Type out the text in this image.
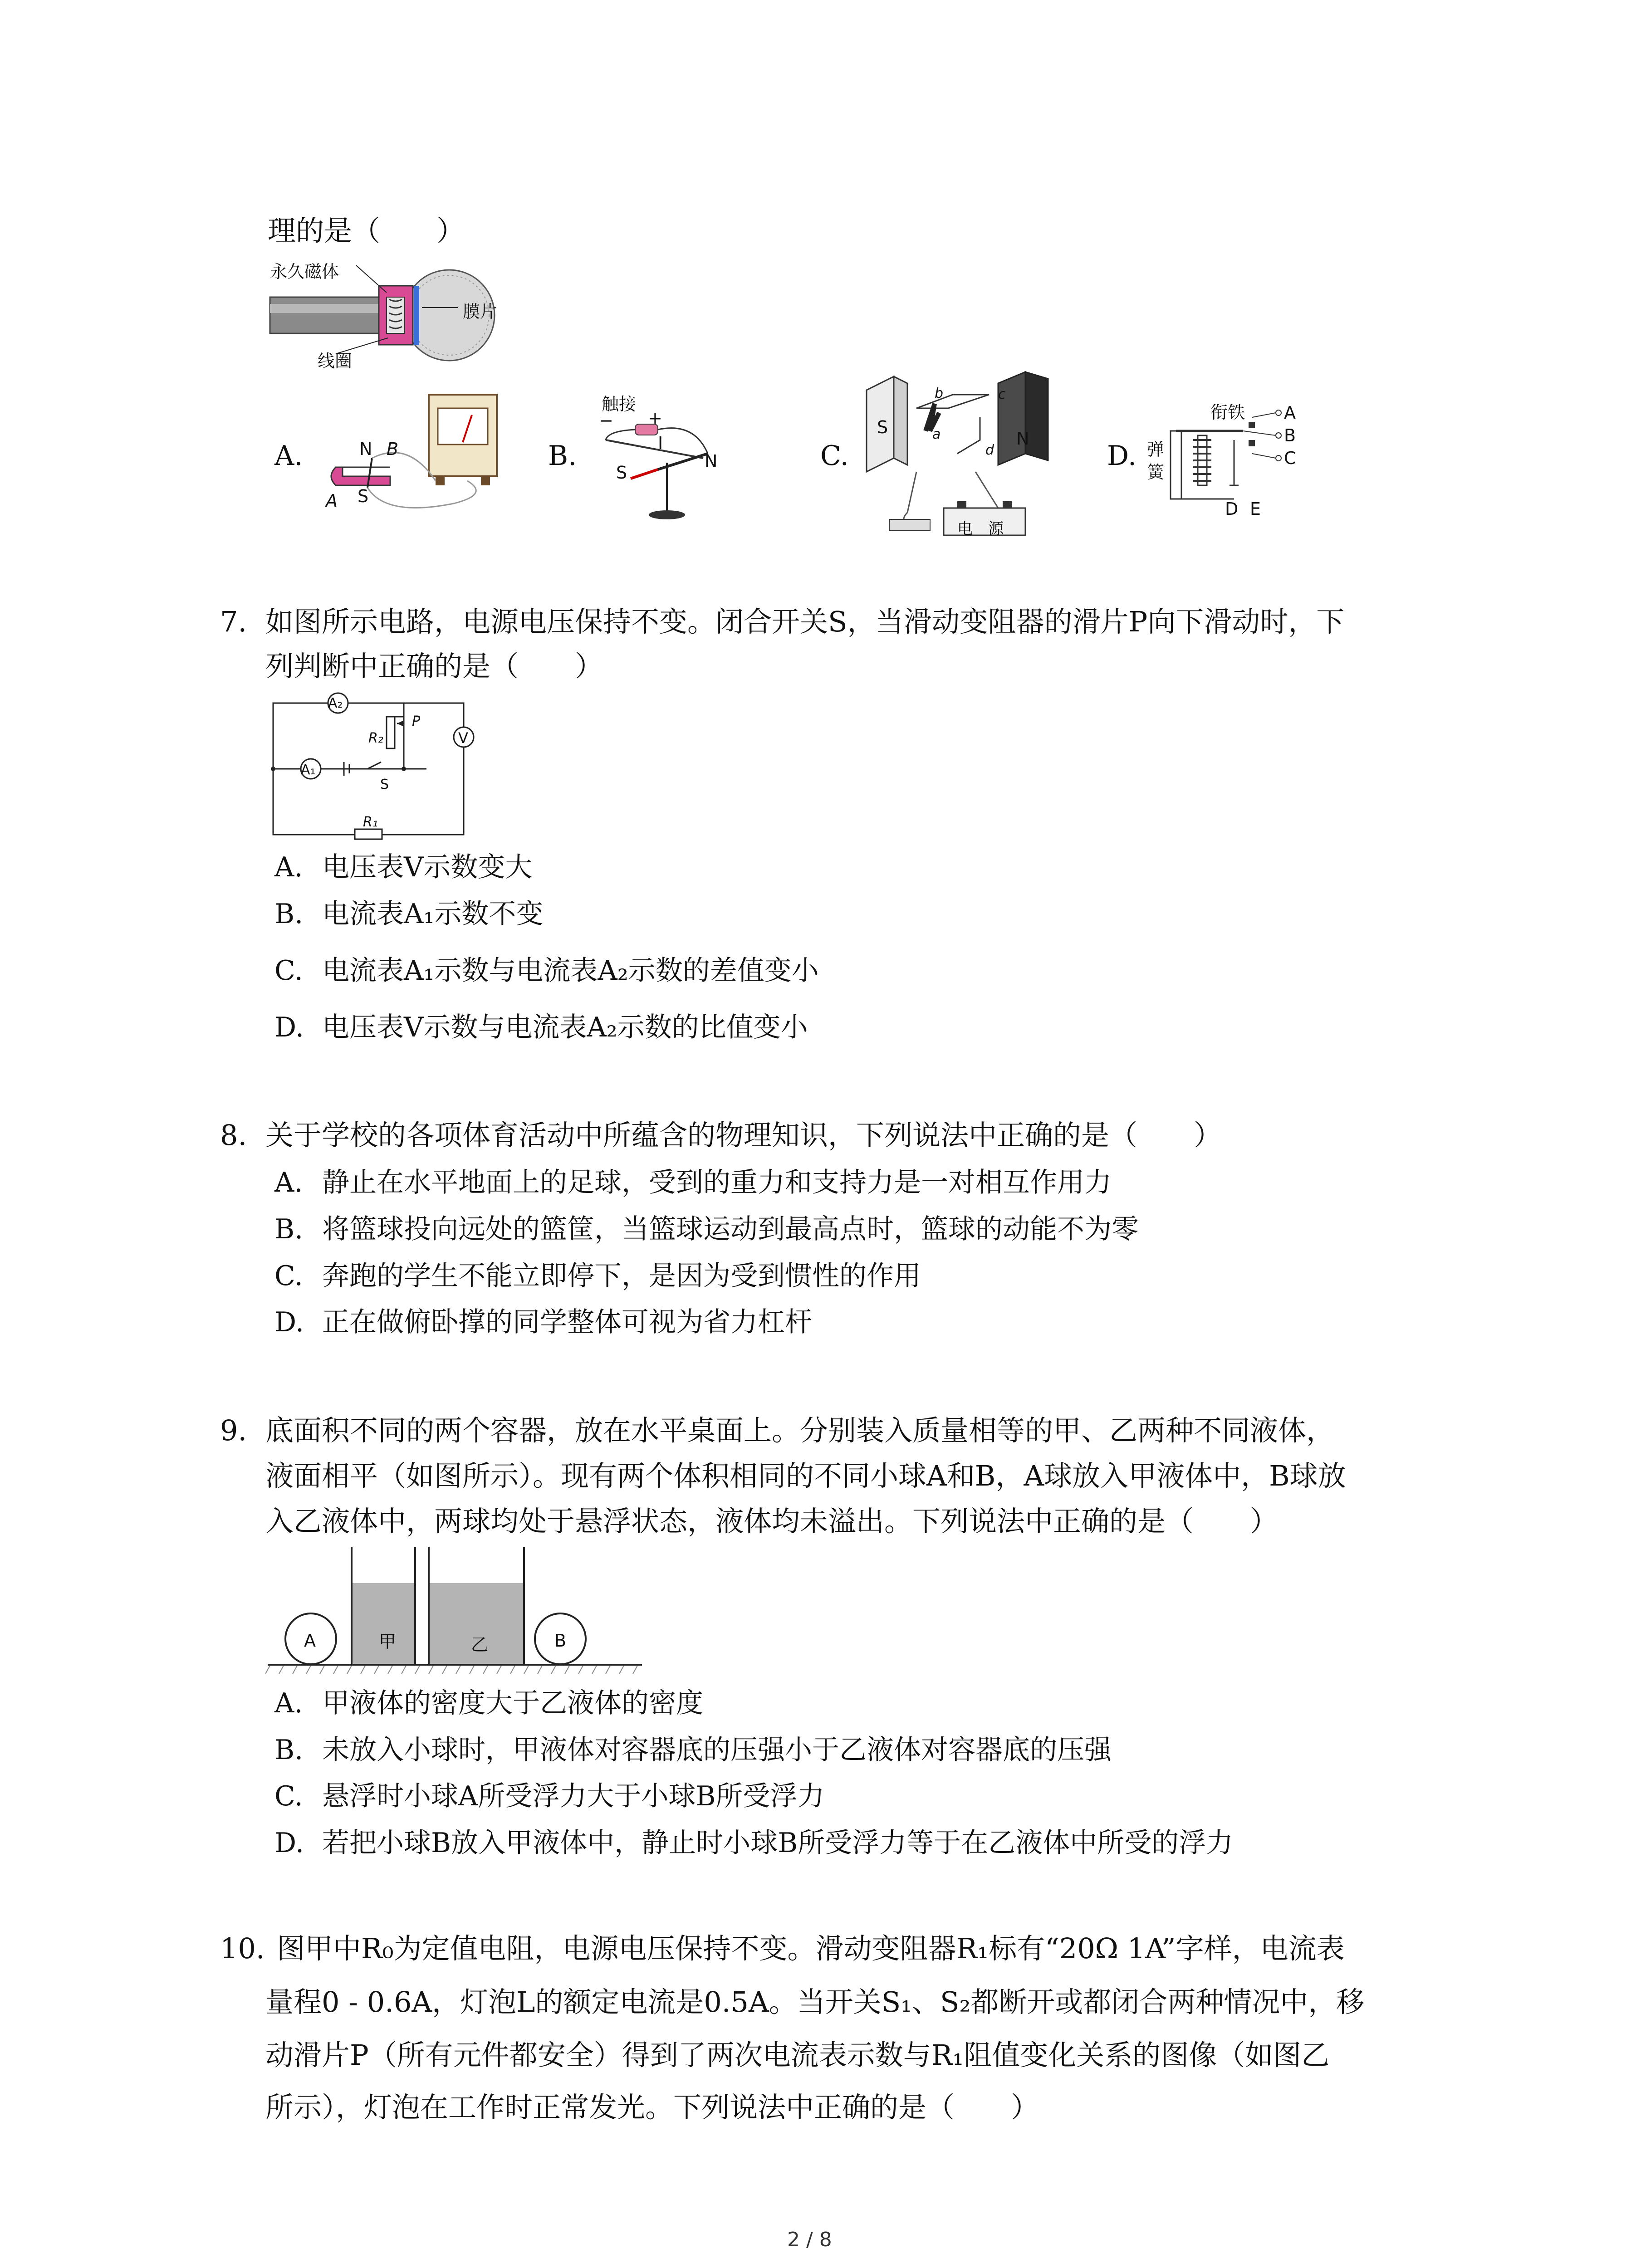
理的是（　　）
永久磁体
膜片
线圈
A.	N B
A S
B.
触接
− +
I
S
N	C.
S
N
a
b	c
d
电　源
D.
衔铁
弹
簧
A
B
C
D E
7. 如图所示电路，电源电压保持不变。闭合开关S，当滑动变阻器的滑片P向下滑动时，下
列判断中正确的是（　　）
A₂
A₁
V
R₂
P
S
R₁
A. 电压表V示数变大
B. 电流表A₁示数不变
C. 电流表A₁示数与电流表A₂示数的差值变小
D. 电压表V示数与电流表A₂示数的比值变小
8. 关于学校的各项体育活动中所蕴含的物理知识，下列说法中正确的是（　　）
A. 静止在水平地面上的足球，受到的重力和支持力是一对相互作用力
B. 将篮球投向远处的篮筐，当篮球运动到最高点时，篮球的动能不为零
C. 奔跑的学生不能立即停下，是因为受到惯性的作用
D. 正在做俯卧撑的同学整体可视为省力杠杆
9. 底面积不同的两个容器，放在水平桌面上。分别装入质量相等的甲、乙两种不同液体，
液面相平（如图所示）。现有两个体积相同的不同小球A和B，A球放入甲液体中，B球放
入乙液体中，两球均处于悬浮状态，液体均未溢出。下列说法中正确的是（　　）
A	甲	乙	B
A. 甲液体的密度大于乙液体的密度
B. 未放入小球时，甲液体对容器底的压强小于乙液体对容器底的压强
C. 悬浮时小球A所受浮力大于小球B所受浮力
D. 若把小球B放入甲液体中，静止时小球B所受浮力等于在乙液体中所受的浮力
10. 图甲中R₀为定值电阻，电源电压保持不变。滑动变阻器R₁标有“20Ω 1A”字样，电流表
量程0 - 0.6A，灯泡L的额定电流是0.5A。当开关S₁、S₂都断开或都闭合两种情况中，移
动滑片P（所有元件都安全）得到了两次电流表示数与R₁阻值变化关系的图像（如图乙
所示），灯泡在工作时正常发光。下列说法中正确的是（　　）
2 / 8
